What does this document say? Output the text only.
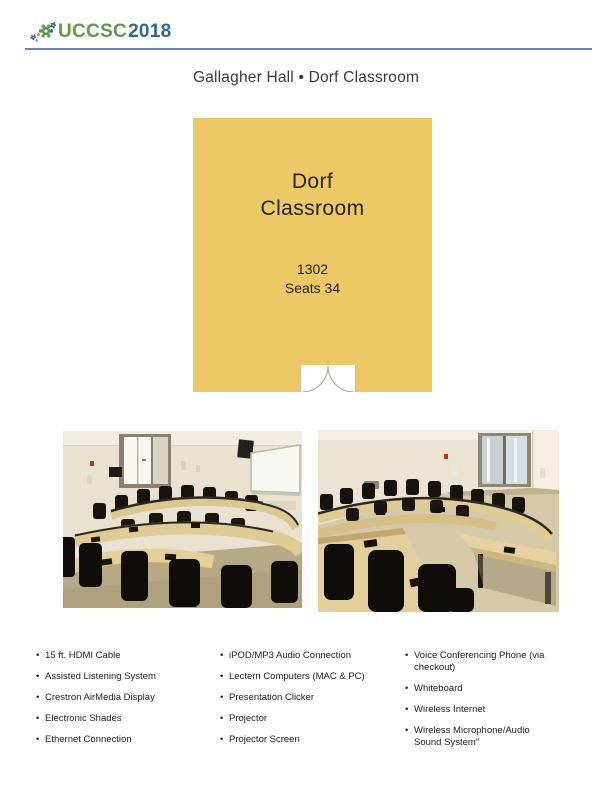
UCCSC 2018
Gallagher Hall • Dorf Classroom
Dorf
Classroom
1302
Seats 34
• 15 ft. HDMI Cable
• Assisted Listening System
• Crestron AirMedia Display
• Electronic Shades
• Ethernet Connection
• iPOD/MP3 Audio Connection
• Lectern Computers (MAC & PC)
• Presentation Clicker
• Projector
• Projector Screen
• Voice Conferencing Phone (via checkout)
• Whiteboard
• Wireless Internet
• Wireless Microphone/Audio Sound System″
